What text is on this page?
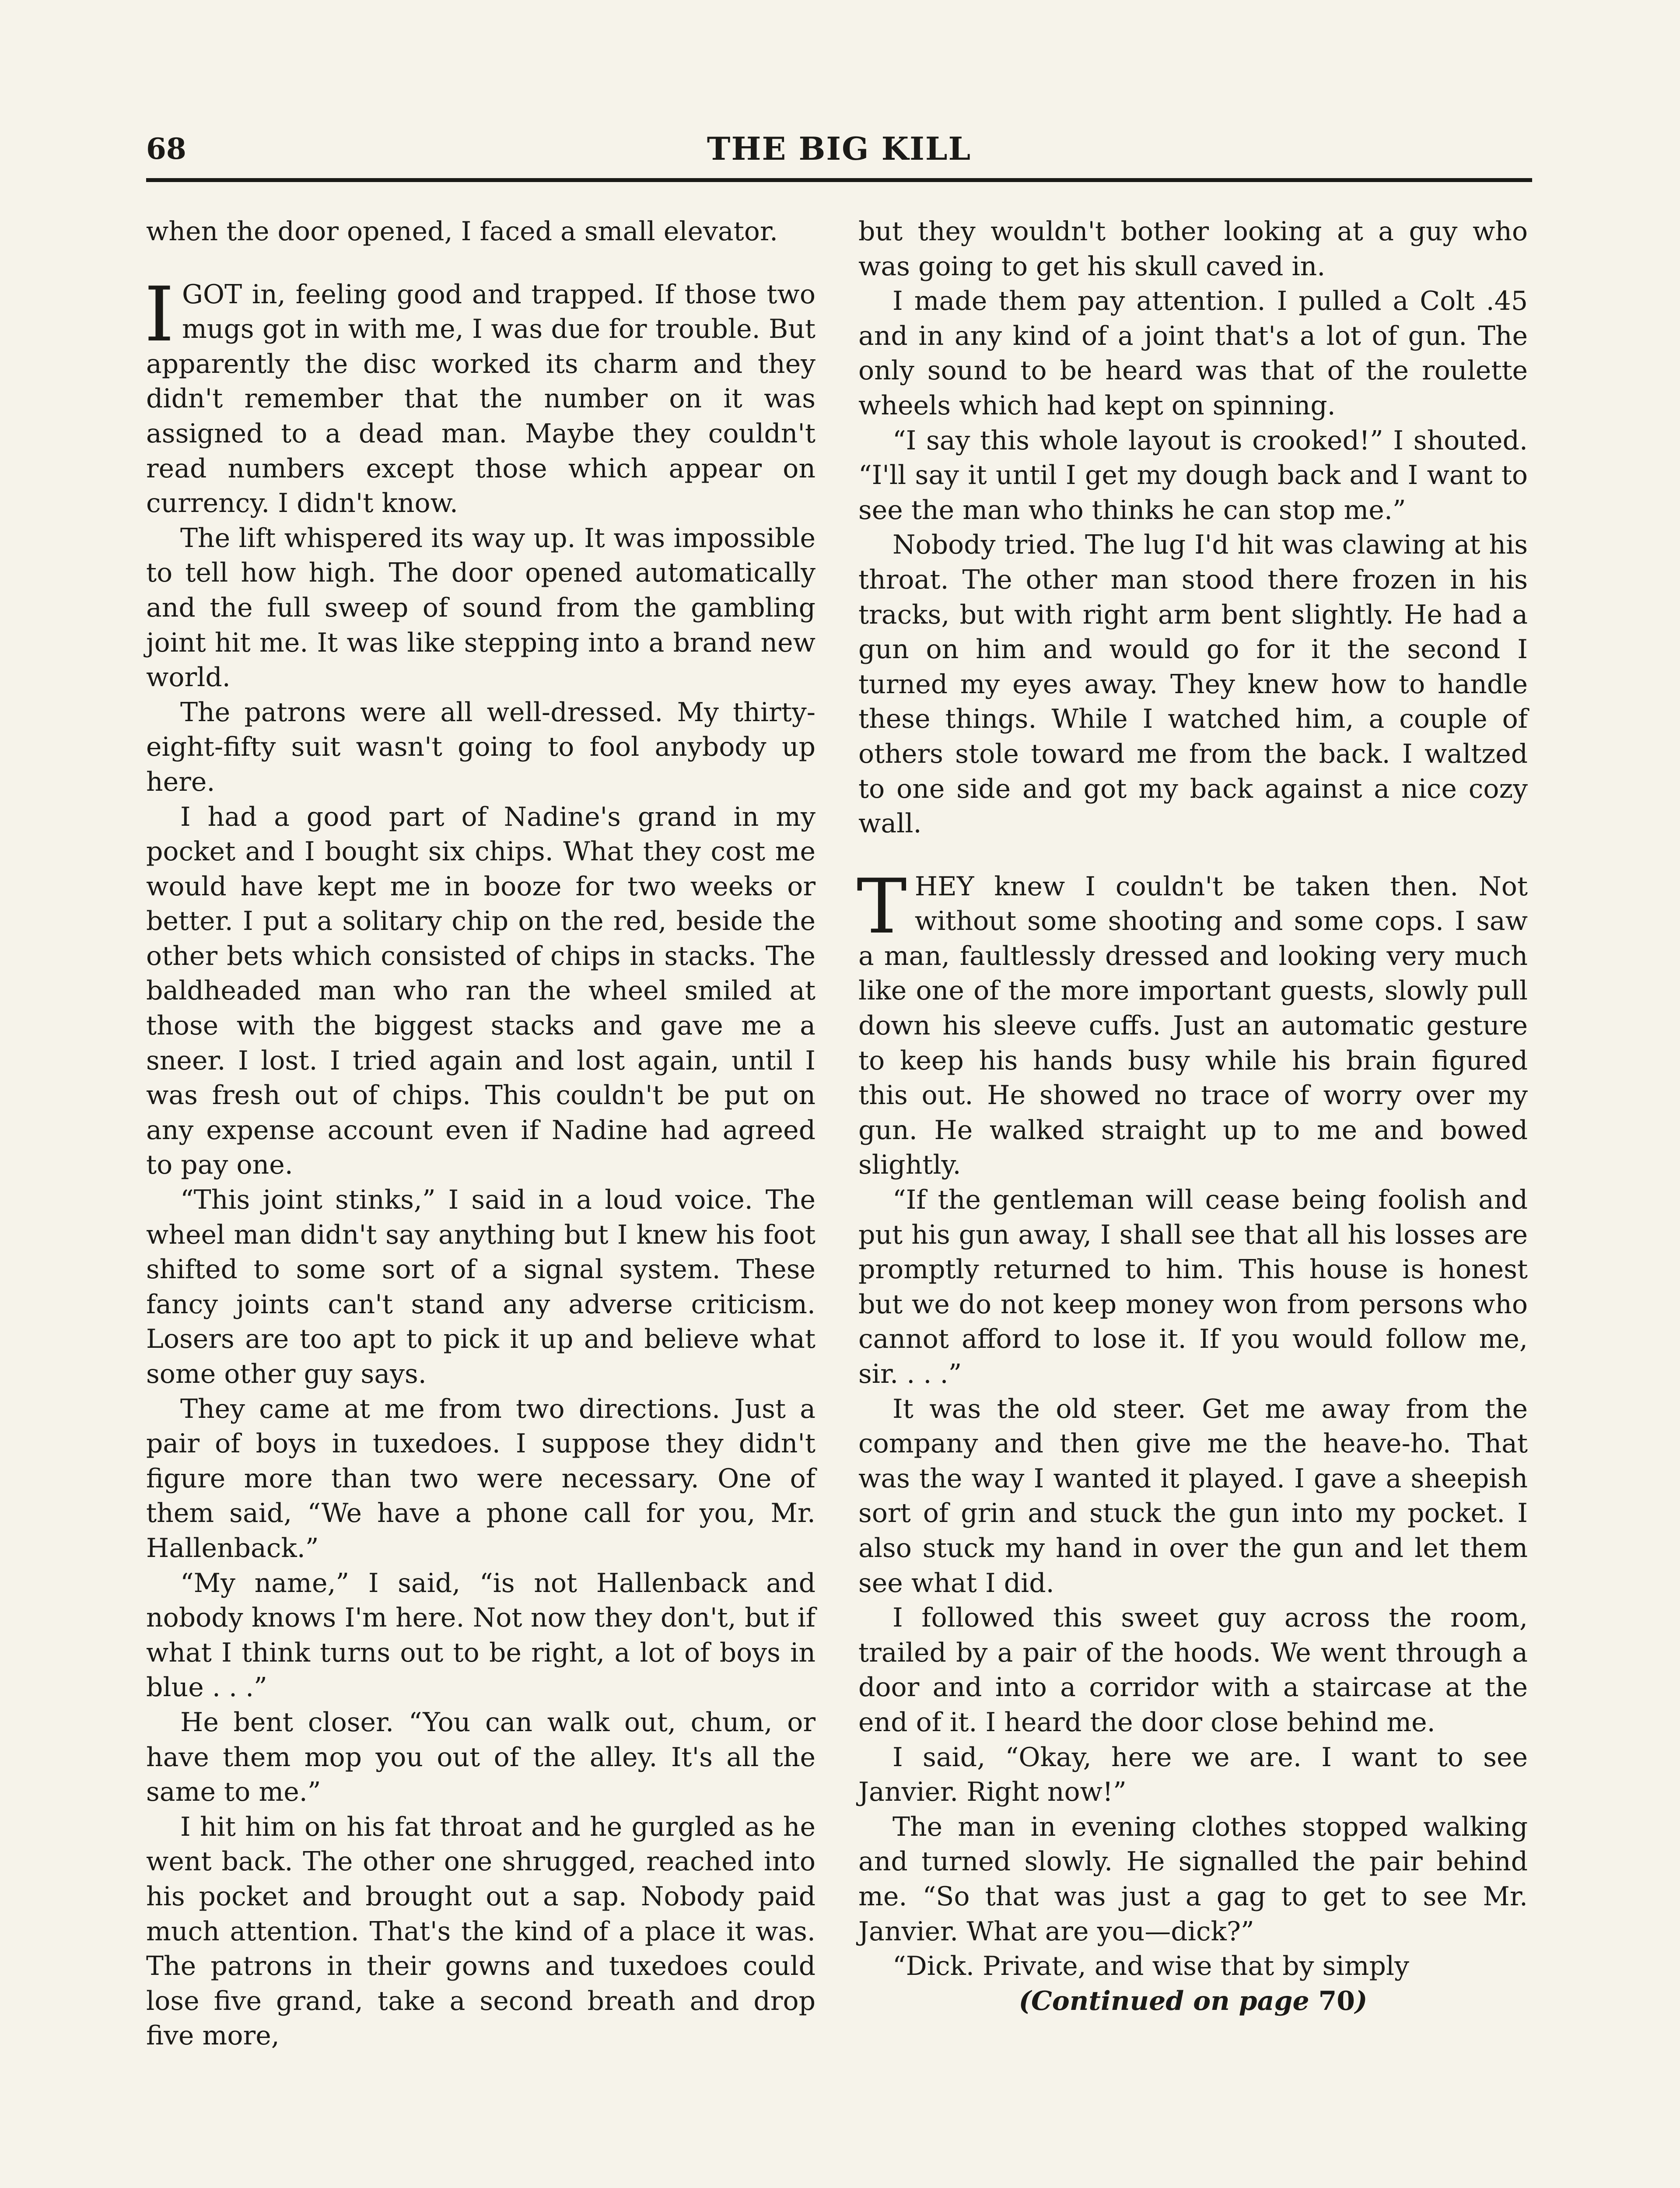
68	THE BIG KILL

when the door opened, I faced a small elevator.

IGOT in, feeling good and trapped. If those two mugs got in with me, I was due for trouble. But apparently the disc worked its charm and they didn't remember that the number on it was assigned to a dead man. Maybe they couldn't read numbers except those which appear on currency. I didn't know.

The lift whispered its way up. It was impossible to tell how high. The door opened automatically and the full sweep of sound from the gambling joint hit me. It was like stepping into a brand new world.

The patrons were all well-dressed. My thirty-eight-fifty suit wasn't going to fool anybody up here.

I had a good part of Nadine's grand in my pocket and I bought six chips. What they cost me would have kept me in booze for two weeks or better. I put a solitary chip on the red, beside the other bets which consisted of chips in stacks. The baldheaded man who ran the wheel smiled at those with the biggest stacks and gave me a sneer. I lost. I tried again and lost again, until I was fresh out of chips. This couldn't be put on any expense account even if Nadine had agreed to pay one.

“This joint stinks,” I said in a loud voice. The wheel man didn't say anything but I knew his foot shifted to some sort of a signal system. These fancy joints can't stand any adverse criticism. Losers are too apt to pick it up and believe what some other guy says.

They came at me from two directions. Just a pair of boys in tuxedoes. I suppose they didn't figure more than two were necessary. One of them said, “We have a phone call for you, Mr. Hallenback.”

“My name,” I said, “is not Hallenback and nobody knows I'm here. Not now they don't, but if what I think turns out to be right, a lot of boys in blue . . .”

He bent closer. “You can walk out, chum, or have them mop you out of the alley. It's all the same to me.”

I hit him on his fat throat and he gurgled as he went back. The other one shrugged, reached into his pocket and brought out a sap. Nobody paid much attention. That's the kind of a place it was. The patrons in their gowns and tuxedoes could lose five grand, take a second breath and drop five more,

but they wouldn't bother looking at a guy who was going to get his skull caved in.

I made them pay attention. I pulled a Colt .45 and in any kind of a joint that's a lot of gun. The only sound to be heard was that of the roulette wheels which had kept on spinning.

“I say this whole layout is crooked!” I shouted. “I'll say it until I get my dough back and I want to see the man who thinks he can stop me.”

Nobody tried. The lug I'd hit was clawing at his throat. The other man stood there frozen in his tracks, but with right arm bent slightly. He had a gun on him and would go for it the second I turned my eyes away. They knew how to handle these things. While I watched him, a couple of others stole toward me from the back. I waltzed to one side and got my back against a nice cozy wall.

THEY knew I couldn't be taken then. Not without some shooting and some cops. I saw a man, faultlessly dressed and looking very much like one of the more important guests, slowly pull down his sleeve cuffs. Just an automatic gesture to keep his hands busy while his brain figured this out. He showed no trace of worry over my gun. He walked straight up to me and bowed slightly.

“If the gentleman will cease being foolish and put his gun away, I shall see that all his losses are promptly returned to him. This house is honest but we do not keep money won from persons who cannot afford to lose it. If you would follow me, sir. . . .”

It was the old steer. Get me away from the company and then give me the heave-ho. That was the way I wanted it played. I gave a sheepish sort of grin and stuck the gun into my pocket. I also stuck my hand in over the gun and let them see what I did.

I followed this sweet guy across the room, trailed by a pair of the hoods. We went through a door and into a corridor with a staircase at the end of it. I heard the door close behind me.

I said, “Okay, here we are. I want to see Janvier. Right now!”

The man in evening clothes stopped walking and turned slowly. He signalled the pair behind me. “So that was just a gag to get to see Mr. Janvier. What are you—dick?”

“Dick. Private, and wise that by simply

(Continued on page 70)
